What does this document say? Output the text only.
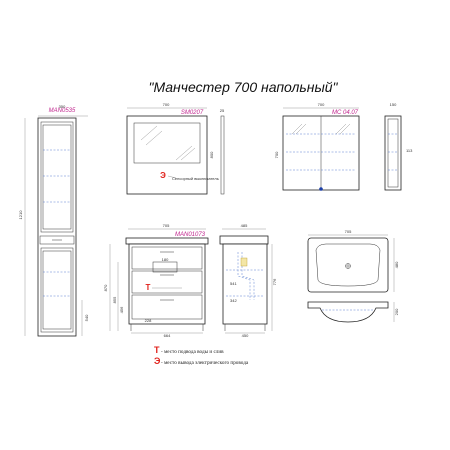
"Манчестер 700 напольный"
MAN0535
350
1210
540
700
SM0207
800
25
Э Сенсорный выключатель
700
MC 04.07
700
150
113
705
MAN01073
180
Т
870
855
456
228
664
485
776
541
342
450
705
480
200
Т - место подвода воды и слив
Э - место вывода электрического провода
